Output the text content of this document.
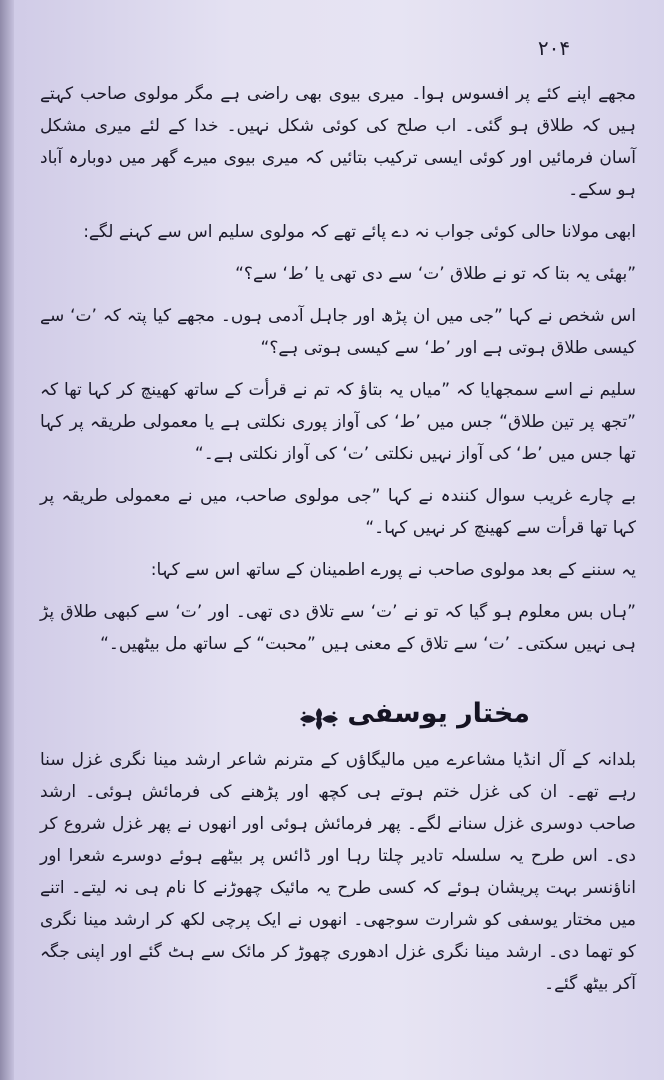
۲۰۴

مجھے اپنے کئے پر افسوس ہوا۔ میری بیوی بھی راضی ہے مگر مولوی صاحب کہتے ہیں کہ طلاق ہو گئی۔ اب صلح کی کوئی شکل نہیں۔ خدا کے لئے میری مشکل آسان فرمائیں اور کوئی ایسی ترکیب بتائیں کہ میری بیوی میرے گھر میں دوبارہ آباد ہو سکے۔

ابھی مولانا حالی کوئی جواب نہ دے پائے تھے کہ مولوی سلیم اس سے کہنے لگے:

”بھئی یہ بتا کہ تو نے طلاق ’ت‘ سے دی تھی یا ’ط‘ سے؟“

اس شخص نے کہا ”جی میں ان پڑھ اور جاہل آدمی ہوں۔ مجھے کیا پتہ کہ ’ت‘ سے کیسی طلاق ہوتی ہے اور ’ط‘ سے کیسی ہوتی ہے؟“

سلیم نے اسے سمجھایا کہ ”میاں یہ بتاؤ کہ تم نے قرأت کے ساتھ کھینچ کر کہا تھا کہ ”تجھ پر تین طلاق“ جس میں ’ط‘ کی آواز پوری نکلتی ہے یا معمولی طریقہ پر کہا تھا جس میں ’ط‘ کی آواز نہیں نکلتی ’ت‘ کی آواز نکلتی ہے۔“

بے چارے غریب سوال کنندہ نے کہا ”جی مولوی صاحب، میں نے معمولی طریقہ پر کہا تھا قرأت سے کھینچ کر نہیں کہا۔“

یہ سننے کے بعد مولوی صاحب نے پورے اطمینان کے ساتھ اس سے کہا:

”ہاں بس معلوم ہو گیا کہ تو نے ’ت‘ سے تلاق دی تھی۔ اور ’ت‘ سے کبھی طلاق پڑ ہی نہیں سکتی۔ ’ت‘ سے تلاق کے معنی ہیں ”محبت“ کے ساتھ مل بیٹھیں۔“

مختار یوسفی

بلدانہ کے آل انڈیا مشاعرے میں مالیگاؤں کے مترنم شاعر ارشد مینا نگری غزل سنا رہے تھے۔ ان کی غزل ختم ہوتے ہی کچھ اور پڑھنے کی فرمائش ہوئی۔ ارشد صاحب دوسری غزل سنانے لگے۔ پھر فرمائش ہوئی اور انھوں نے پھر غزل شروع کر دی۔ اس طرح یہ سلسلہ تادیر چلتا رہا اور ڈائس پر بیٹھے ہوئے دوسرے شعرا اور اناؤنسر بہت پریشان ہوئے کہ کسی طرح یہ مائیک چھوڑنے کا نام ہی نہ لیتے۔ اتنے میں مختار یوسفی کو شرارت سوجھی۔ انھوں نے ایک پرچی لکھ کر ارشد مینا نگری کو تھما دی۔ ارشد مینا نگری غزل ادھوری چھوڑ کر مائک سے ہٹ گئے اور اپنی جگہ آکر بیٹھ گئے۔
